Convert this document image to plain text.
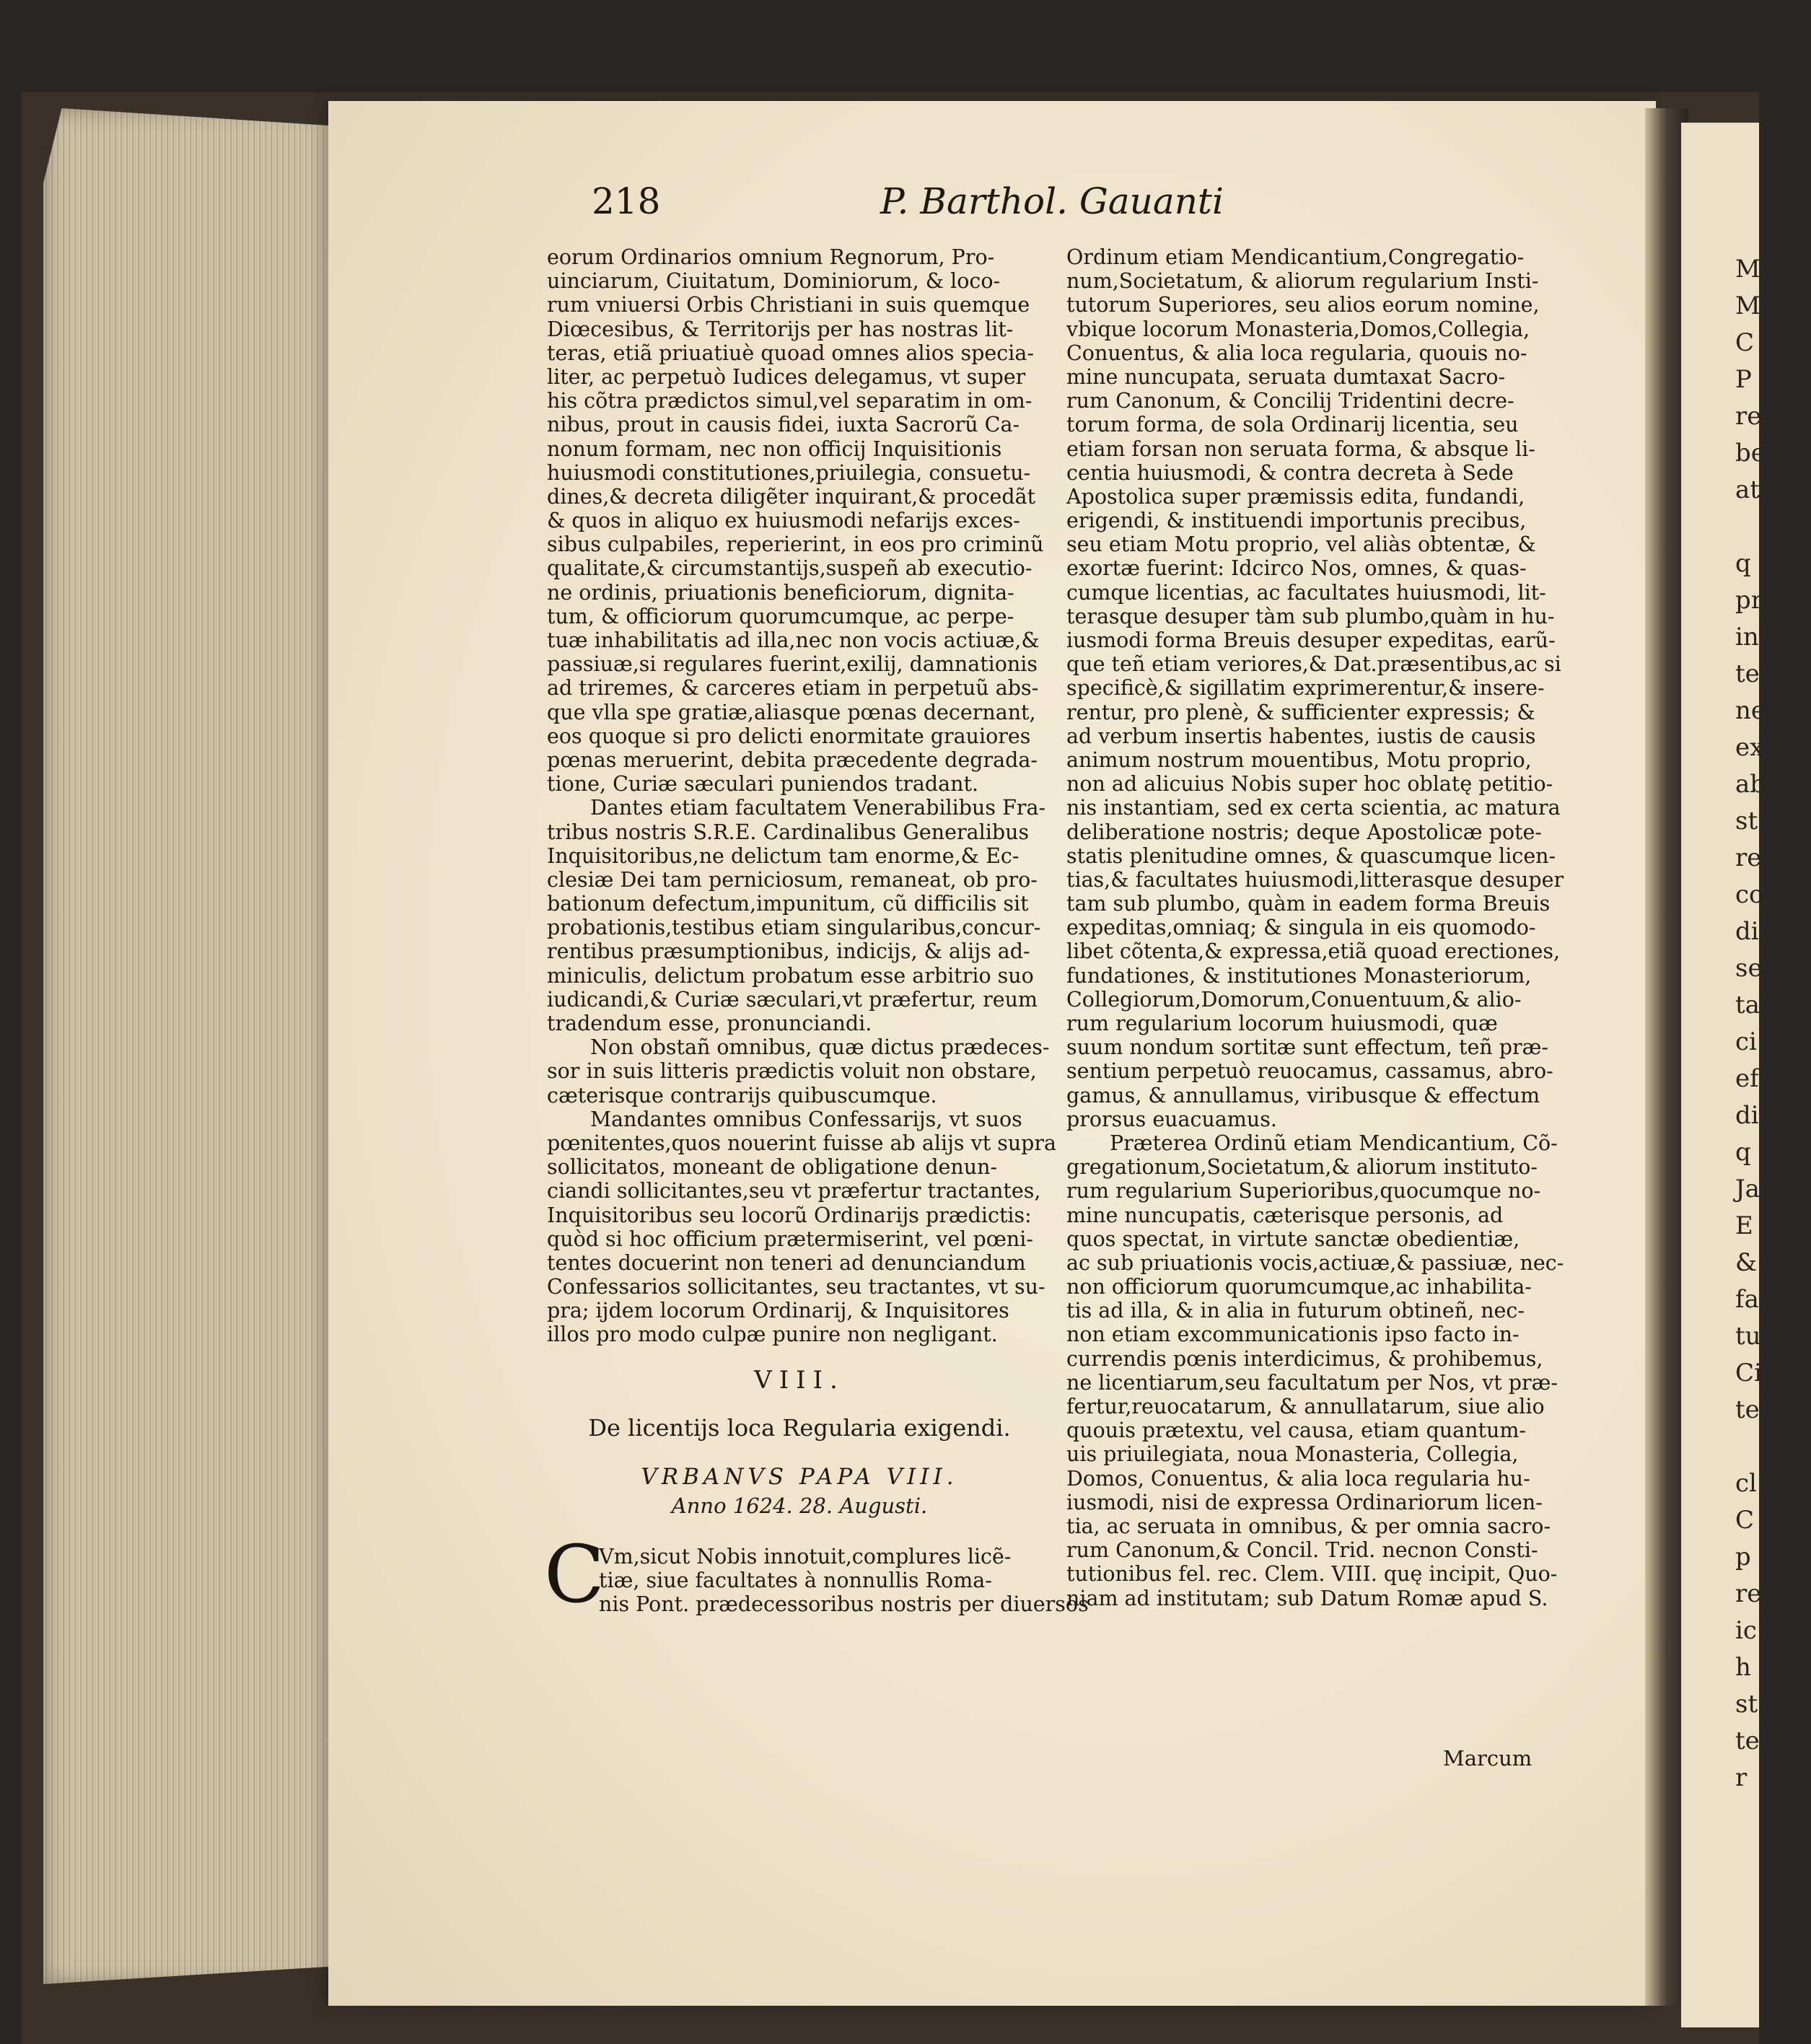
M
M
C
P
re
be
at
q
pr
in
te
ne
ex
ab
st
re
co
di
se
ta
ci
ef
di
q
Ja
E
&
fa
tu
Ci
te
cl
C
p
re
ic
h
st
te
r
218	P. Barthol. Gauanti
eorum Ordinarios omnium Regnorum, Pro-
uinciarum, Ciuitatum, Dominiorum, & loco-
rum vniuersi Orbis Christiani in suis quemque
Diœcesibus, & Territorijs per has nostras lit-
teras, etiã priuatiuè quoad omnes alios specia-
liter, ac perpetuò Iudices delegamus, vt super
his cõtra prædictos simul,vel separatim in om-
nibus, prout in causis fidei, iuxta Sacrorũ Ca-
nonum formam, nec non officij Inquisitionis
huiusmodi constitutiones,priuilegia, consuetu-
dines,& decreta diligẽter inquirant,& procedãt
& quos in aliquo ex huiusmodi nefarijs exces-
sibus culpabiles, reperierint, in eos pro criminũ
qualitate,& circumstantijs,suspeñ ab executio-
ne ordinis, priuationis beneficiorum, dignita-
tum, & officiorum quorumcumque, ac perpe-
tuæ inhabilitatis ad illa,nec non vocis actiuæ,&
passiuæ,si regulares fuerint,exilij, damnationis
ad triremes, & carceres etiam in perpetuũ abs-
que vlla spe gratiæ,aliasque pœnas decernant,
eos quoque si pro delicti enormitate grauiores
pœnas meruerint, debita præcedente degrada-
tione, Curiæ sæculari puniendos tradant.
Dantes etiam facultatem Venerabilibus Fra-
tribus nostris S.R.E. Cardinalibus Generalibus
Inquisitoribus,ne delictum tam enorme,& Ec-
clesiæ Dei tam perniciosum, remaneat, ob pro-
bationum defectum,impunitum, cũ difficilis sit
probationis,testibus etiam singularibus,concur-
rentibus præsumptionibus, indicijs, & alijs ad-
miniculis, delictum probatum esse arbitrio suo
iudicandi,& Curiæ sæculari,vt præfertur, reum
tradendum esse, pronunciandi.
Non obstañ omnibus, quæ dictus prædeces-
sor in suis litteris prædictis voluit non obstare,
cæterisque contrarijs quibuscumque.
Mandantes omnibus Confessarijs, vt suos
pœnitentes,quos nouerint fuisse ab alijs vt supra
sollicitatos, moneant de obligatione denun-
ciandi sollicitantes,seu vt præfertur tractantes,
Inquisitoribus seu locorũ Ordinarijs prædictis:
quòd si hoc officium prætermiserint, vel pœni-
tentes docuerint non teneri ad denunciandum
Confessarios sollicitantes, seu tractantes, vt su-
pra; ijdem locorum Ordinarij, & Inquisitores
illos pro modo culpæ punire non negligant.
VIII.
De licentijs loca Regularia exigendi.
VRBANVS PAPA VIII.
Anno 1624. 28. Augusti.
C
Vm,sicut Nobis innotuit,complures licẽ-
tiæ, siue facultates à nonnullis Roma-
nis Pont. prædecessoribus nostris per diuersos
Ordinum etiam Mendicantium,Congregatio-
num,Societatum, & aliorum regularium Insti-
tutorum Superiores, seu alios eorum nomine,
vbique locorum Monasteria,Domos,Collegia,
Conuentus, & alia loca regularia, quouis no-
mine nuncupata, seruata dumtaxat Sacro-
rum Canonum, & Concilij Tridentini decre-
torum forma, de sola Ordinarij licentia, seu
etiam forsan non seruata forma, & absque li-
centia huiusmodi, & contra decreta à Sede
Apostolica super præmissis edita, fundandi,
erigendi, & instituendi importunis precibus,
seu etiam Motu proprio, vel aliàs obtentæ, &
exortæ fuerint: Idcirco Nos, omnes, & quas-
cumque licentias, ac facultates huiusmodi, lit-
terasque desuper tàm sub plumbo,quàm in hu-
iusmodi forma Breuis desuper expeditas, earũ-
que teñ etiam veriores,& Dat.præsentibus,ac si
specificè,& sigillatim exprimerentur,& insere-
rentur, pro plenè, & sufficienter expressis; &
ad verbum insertis habentes, iustis de causis
animum nostrum mouentibus, Motu proprio,
non ad alicuius Nobis super hoc oblatę petitio-
nis instantiam, sed ex certa scientia, ac matura
deliberatione nostris; deque Apostolicæ pote-
statis plenitudine omnes, & quascumque licen-
tias,& facultates huiusmodi,litterasque desuper
tam sub plumbo, quàm in eadem forma Breuis
expeditas,omniaq; & singula in eis quomodo-
libet cõtenta,& expressa,etiã quoad erectiones,
fundationes, & institutiones Monasteriorum,
Collegiorum,Domorum,Conuentuum,& alio-
rum regularium locorum huiusmodi, quæ
suum nondum sortitæ sunt effectum, teñ præ-
sentium perpetuò reuocamus, cassamus, abro-
gamus, & annullamus, viribusque & effectum
prorsus euacuamus.
Præterea Ordinũ etiam Mendicantium, Cõ-
gregationum,Societatum,& aliorum instituto-
rum regularium Superioribus,quocumque no-
mine nuncupatis, cæterisque personis, ad
quos spectat, in virtute sanctæ obedientiæ,
ac sub priuationis vocis,actiuæ,& passiuæ, nec-
non officiorum quorumcumque,ac inhabilita-
tis ad illa, & in alia in futurum obtineñ, nec-
non etiam excommunicationis ipso facto in-
currendis pœnis interdicimus, & prohibemus,
ne licentiarum,seu facultatum per Nos, vt præ-
fertur,reuocatarum, & annullatarum, siue alio
quouis prætextu, vel causa, etiam quantum-
uis priuilegiata, noua Monasteria, Collegia,
Domos, Conuentus, & alia loca regularia hu-
iusmodi, nisi de expressa Ordinariorum licen-
tia, ac seruata in omnibus, & per omnia sacro-
rum Canonum,& Concil. Trid. necnon Consti-
tutionibus fel. rec. Clem. VIII. quę incipit, Quo-
niam ad institutam; sub Datum Romæ apud S.
Marcum
